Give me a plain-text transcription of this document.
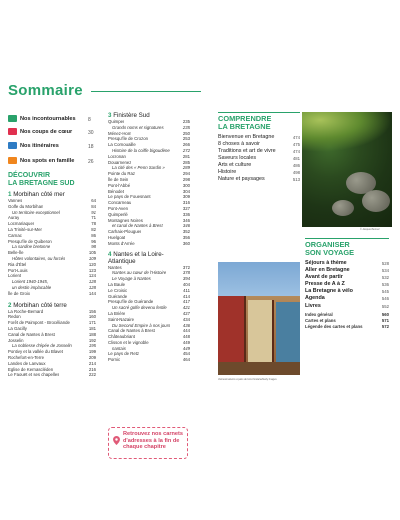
Sommaire
Nos incontournables 8
Nos coups de cœur	30
Nos itinéraires	18
Nos spots en famille	26
DÉCOUVRIR
LA BRETAGNE SUD
1 Morbihan côté mer
Vannes	64
Golfe du Morbihan	84
Un territoire exceptionnel	91
Auray	71
Locmariaquer	78
La Trinité-sur-Mer	82
Carnac	86
Presqu'île de Quiberon	96
La sardine bretonne	98
Belle-Île	105
Hôtes volontaires, ou forcés	109
Ria d'Étel	120
Port-Louis	123
Lorient	124
Lorient 1940-1945,	128
un destin implacable	128
Île de Groix	144
2 Morbihan côté terre
La Roche-Bernard	156
Redon	160
Forêt de Paimpont - Brocéliande	171
La Gacilly	181
Canal de Nantes à Brest	188
Josselin	192
La noblesse d'épée de Josselin	195
Pontivy et la vallée du Blavet	199
Rochefort-en-Terre	209
Landes de Lanvaux	214
Eglise de Kernascléden	216
Le Faouët et ses chapelles	222
3 Finistère Sud
Quimper	235
Grands noms et signatures	235
Ménez-Hom	250
Presqu'île de Crozon	253
La Cornouaille	266
Histoire de la coiffe bigoudène	272
Locronan	281
Douarnenez	285
La cité des « Penn Sardin »	289
Pointe du Raz	294
Île de Sein	298
Pont-l'Abbé	300
Bénodet	304
Le pays de Fouesnant	309
Concarneau	316
Pont-Aven	327
Quimperlé	336
Montagnes Noires	346
et canal de Nantes à Brest	346
Carhaix-Plouguer	352
Huelgoat	356
Monts d'Arrée	360
4 Nantes et la Loire-Atlantique
Nantes	372
Nantes au cœur de l'Histoire	378
Le Voyage à Nantes	394
La Baule	404
Le Croisic	411
Guérande	414
Presqu'île de Guérande	417
Un sacré golfe devenu fertile	421
La Brière	427
Saint-Nazaire	434
Du Second Empire à nos jours	436
Canal de Nantes à Brest	444
Châteaubriant	448
Clisson et le vignoble	449
nantais	449
Le pays de Retz	454
Pornic	464
Retrouvez nos carnets d'adresses à la fin de chaque chapitre
COMPRENDRE
LA BRETAGNE
Bienvenue en Bretagne	474
8 choses à savoir	475
Traditions et art de vivre	474
Saveurs locales	481
Arts et culture	486
Histoire	498
Nature et paysages	513
© Jacques/Sunset
Vannes/maisons à pans de bois Fontaine/Getty Images
ORGANISER
SON VOYAGE
Séjours à thème	528
Aller en Bretagne	534
Avant de partir	532
Presse de A à Z	536
La Bretagne à vélo	545
Agenda	546
Livres	552
Index général	560
Cartes et plans	571
Légende des cartes et plans	572
